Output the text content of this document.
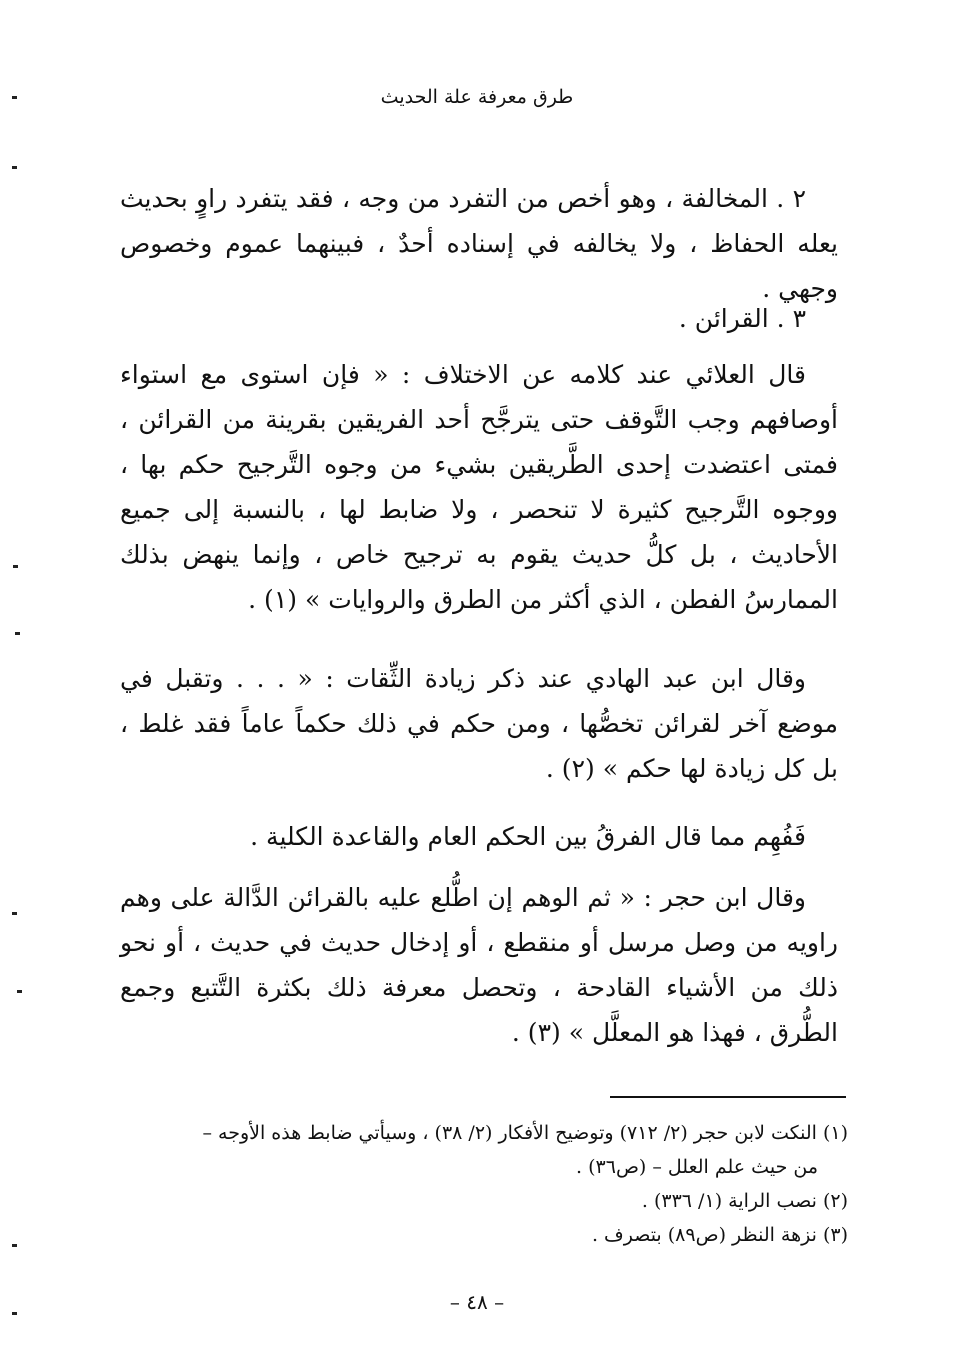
طرق معرفة علة الحديث

٢ . المخالفة ، وهو أخص من التفرد من وجه ، فقد يتفرد راوٍ بحديث يعله الحفاظ ، ولا يخالفه في إسناده أحدٌ ، فبينهما عموم وخصوص وجهي .

٣ . القرائن .

قال العلائي عند كلامه عن الاختلاف : « فإن استوى مع استواء أوصافهم وجب التَّوقف حتى يترجَّح أحد الفريقين بقرينة من القرائن ، فمتى اعتضدت إحدى الطَّريقين بشيء من وجوه التَّرجيح حكم بها ، ووجوه التَّرجيح كثيرة لا تنحصر ، ولا ضابط لها ، بالنسبة إلى جميع الأحاديث ، بل كلُّ حديث يقوم به ترجيح خاص ، وإنما ينهض بذلك الممارسُ الفطن ، الذي أكثر من الطرق والروايات » (١) .

وقال ابن عبد الهادي عند ذكر زيادة الثِّقات : « . . . وتقبل في موضع آخر لقرائن تخصُّها ، ومن حكم في ذلك حكماً عاماً فقد غلط ، بل كل زيادة لها حكم » (٢) .

فَفُهِم مما قال الفرقُ بين الحكم العام والقاعدة الكلية .

وقال ابن حجر : « ثم الوهم إن اطُّلع عليه بالقرائن الدَّالة على وهم راويه من وصل مرسل أو منقطع ، أو إدخال حديث في حديث ، أو نحو ذلك من الأشياء القادحة ، وتحصل معرفة ذلك بكثرة التَّتبع وجمع الطُّرق ، فهذا هو المعلَّل » (٣) .

(١) النكت لابن حجر (٢/ ٧١٢) وتوضيح الأفكار (٢/ ٣٨) ، وسيأتي ضابط هذه الأوجه –

من حيث علم العلل – (ص٣٦) .

(٢) نصب الراية (١/ ٣٣٦) .

(٣) نزهة النظر (ص٨٩) بتصرف .

– ٤٨ –
